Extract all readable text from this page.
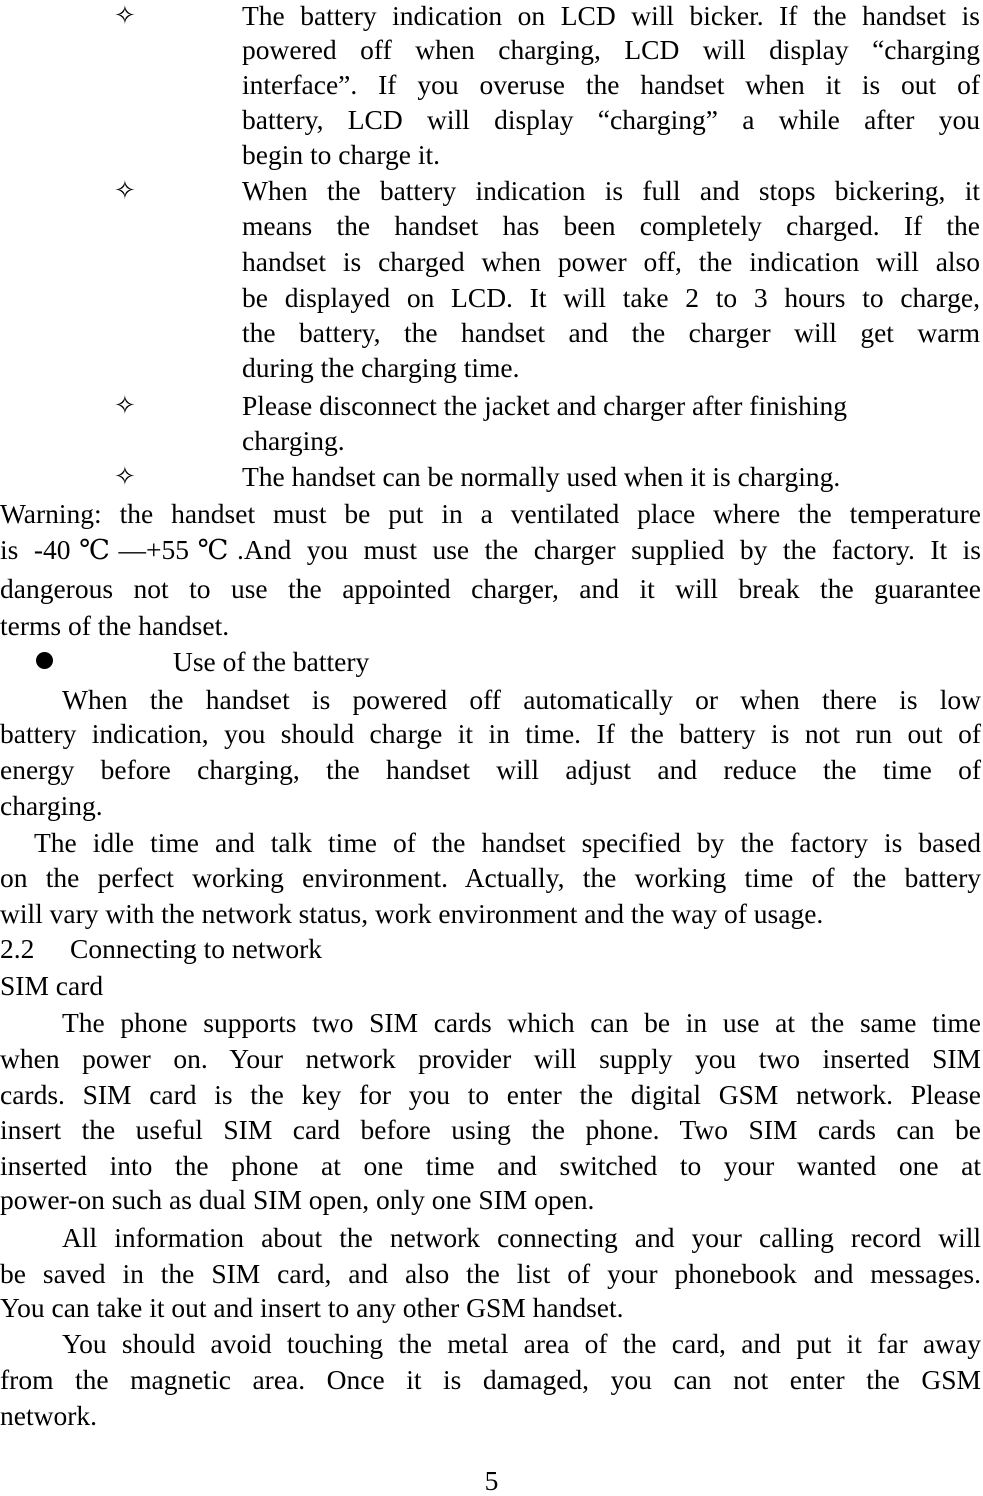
✧	The battery indication on LCD will bicker. If the handset is
powered off when charging, LCD will display “charging
interface”. If you overuse the handset when it is out of
battery, LCD will display “charging” a while after you
begin to charge it.
✧	When the battery indication is full and stops bickering, it
means the handset has been completely charged. If the
handset is charged when power off, the indication will also
be displayed on LCD. It will take 2 to 3 hours to charge,
the battery, the handset and the charger will get warm
during the charging time.
✧	Please disconnect the jacket and charger after finishing
charging.
✧	The handset can be normally used when it is charging.
Warning: the handset must be put in a ventilated place where the temperature
is -40℃—+55℃.And you must use the charger supplied by the factory. It is
dangerous not to use the appointed charger, and it will break the guarantee
terms of the handset.
Use of the battery
When the handset is powered off automatically or when there is low
battery indication, you should charge it in time. If the battery is not run out of
energy before charging, the handset will adjust and reduce the time of
charging.
The idle time and talk time of the handset specified by the factory is based
on the perfect working environment. Actually, the working time of the battery
will vary with the network status, work environment and the way of usage.
2.2 Connecting to network
SIM card
The phone supports two SIM cards which can be in use at the same time
when power on. Your network provider will supply you two inserted SIM
cards. SIM card is the key for you to enter the digital GSM network. Please
insert the useful SIM card before using the phone. Two SIM cards can be
inserted into the phone at one time and switched to your wanted one at
power-on such as dual SIM open, only one SIM open.
All information about the network connecting and your calling record will
be saved in the SIM card, and also the list of your phonebook and messages.
You can take it out and insert to any other GSM handset.
You should avoid touching the metal area of the card, and put it far away
from the magnetic area. Once it is damaged, you can not enter the GSM
network.
5
